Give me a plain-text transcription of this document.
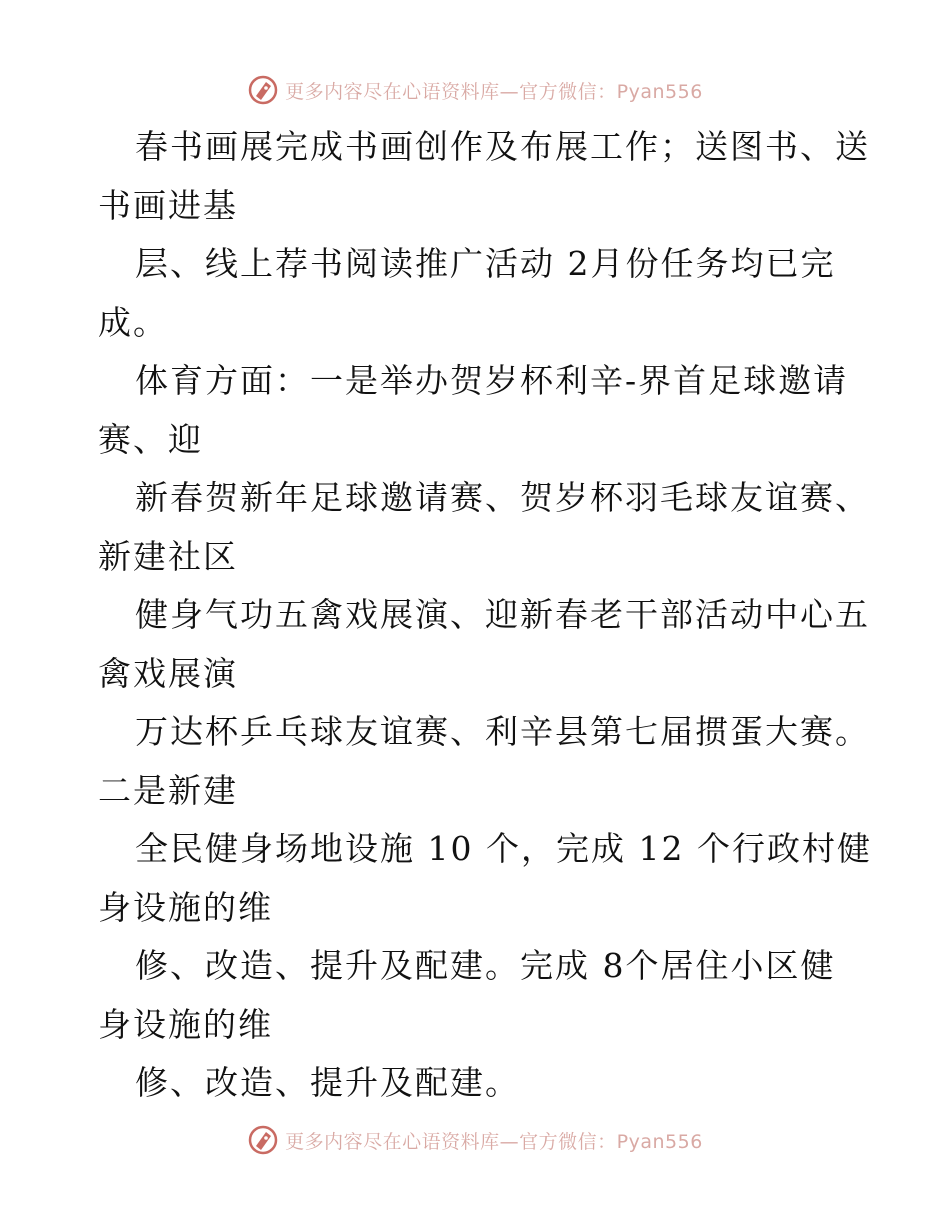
更多内容尽在心语资料库—官方微信：Pyan556
春书画展完成书画创作及布展工作；送图书、送
书画进基
层、线上荐书阅读推广活动 2月份任务均已完
成。
体育方面：一是举办贺岁杯利辛-界首足球邀请
赛、迎
新春贺新年足球邀请赛、贺岁杯羽毛球友谊赛、
新建社区
健身气功五禽戏展演、迎新春老干部活动中心五
禽戏展演
万达杯乒乓球友谊赛、利辛县第七届掼蛋大赛。
二是新建
全民健身场地设施 10 个，完成 12 个行政村健
身设施的维
修、改造、提升及配建。完成 8个居住小区健
身设施的维
修、改造、提升及配建。
更多内容尽在心语资料库—官方微信：Pyan556
